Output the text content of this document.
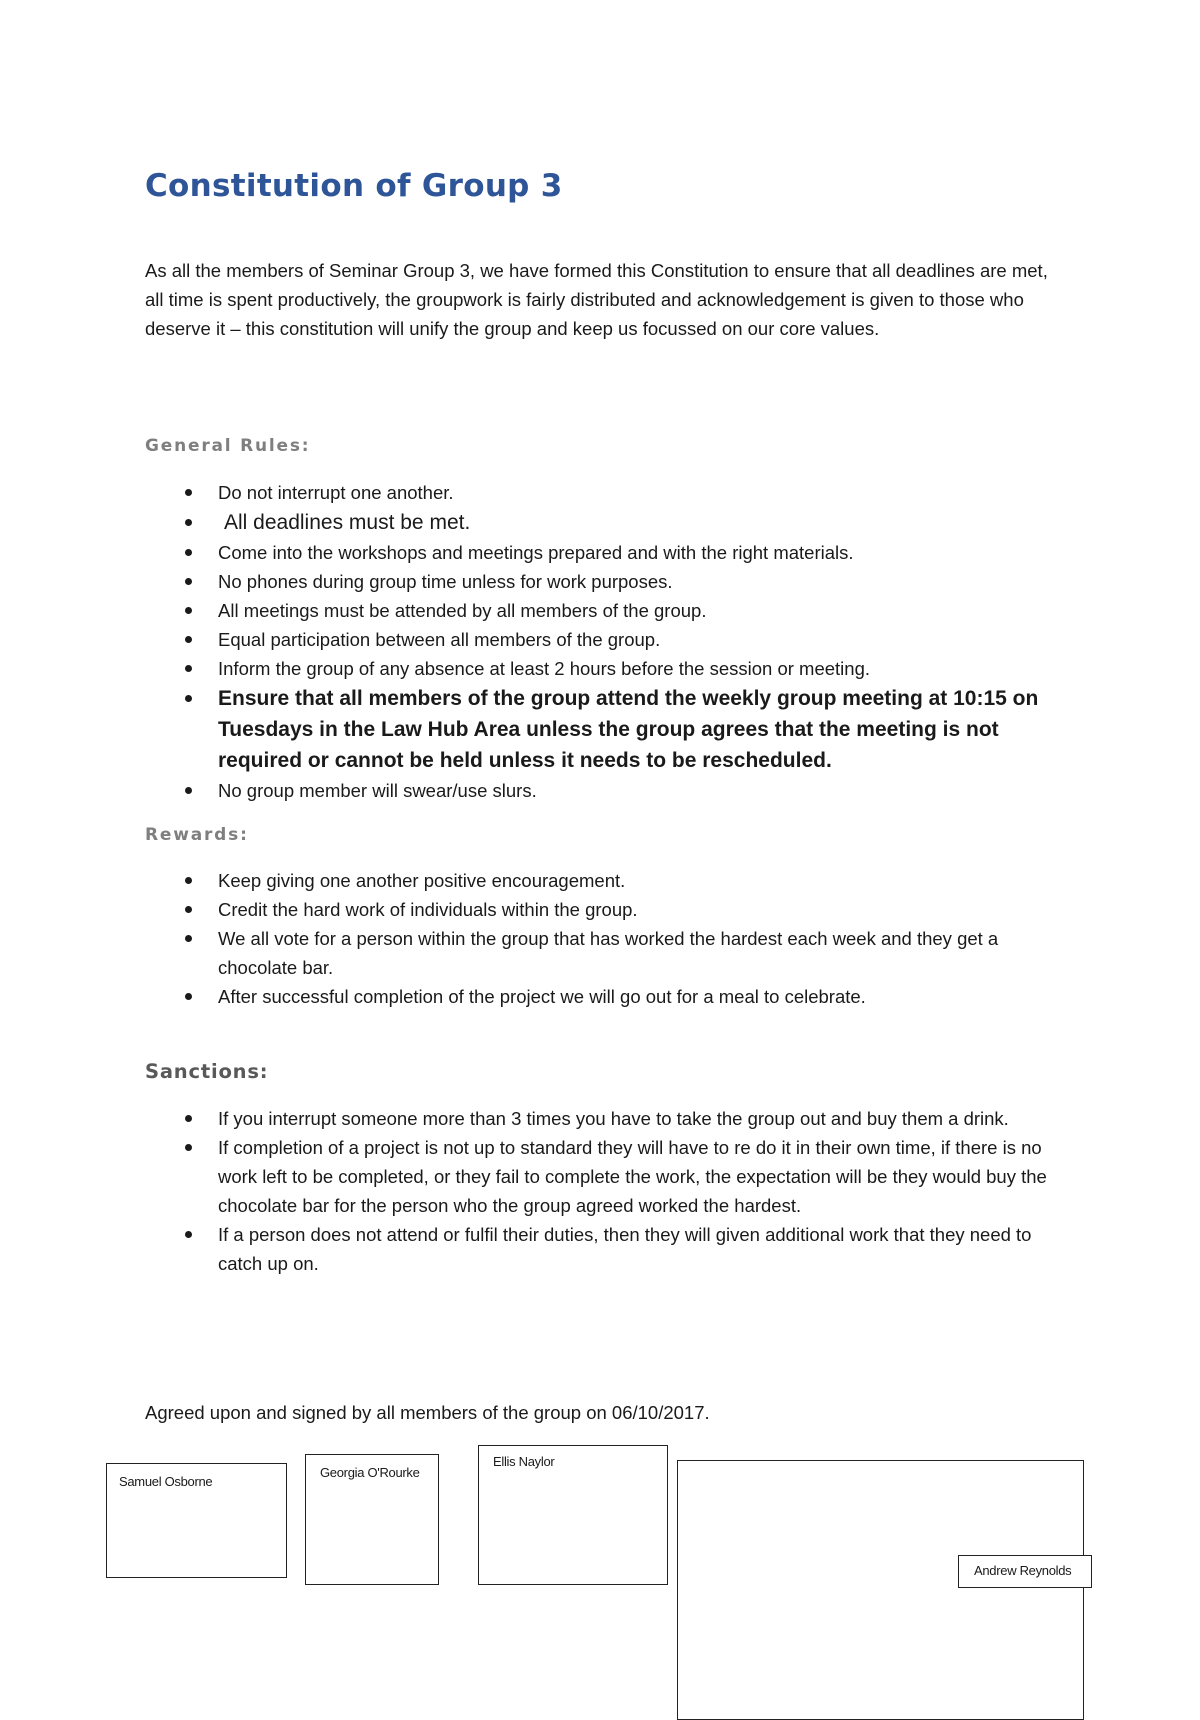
Constitution of Group 3

As all the members of Seminar Group 3, we have formed this Constitution to ensure that all deadlines are met, all time is spent productively, the groupwork is fairly distributed and acknowledgement is given to those who deserve it – this constitution will unify the group and keep us focussed on our core values.

General Rules:
Do not interrupt one another.
All deadlines must be met.
Come into the workshops and meetings prepared and with the right materials.
No phones during group time unless for work purposes.
All meetings must be attended by all members of the group.
Equal participation between all members of the group.
Inform the group of any absence at least 2 hours before the session or meeting.
Ensure that all members of the group attend the weekly group meeting at 10:15 on Tuesdays in the Law Hub Area unless the group agrees that the meeting is not required or cannot be held unless it needs to be rescheduled.
No group member will swear/use slurs.
Rewards:
Keep giving one another positive encouragement.
Credit the hard work of individuals within the group.
We all vote for a person within the group that has worked the hardest each week and they get a chocolate bar.
After successful completion of the project we will go out for a meal to celebrate.
Sanctions:
If you interrupt someone more than 3 times you have to take the group out and buy them a drink.
If completion of a project is not up to standard they will have to re do it in their own time, if there is no work left to be completed, or they fail to complete the work, the expectation will be they would buy the chocolate bar for the person who the group agreed worked the hardest.
If a person does not attend or fulfil their duties, then they will given additional work that they need to catch up on.

Agreed upon and signed by all members of the group on 06/10/2017.

Samuel Osborne
Georgia O'Rourke
Ellis Naylor
Andrew Reynolds
